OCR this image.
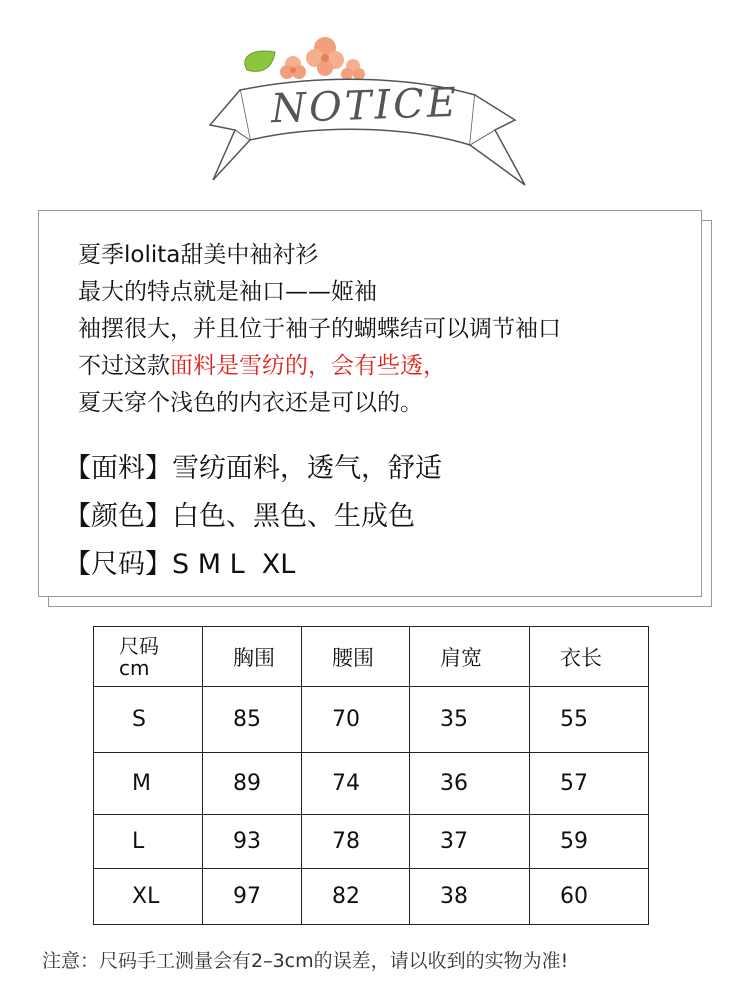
NOTICE
夏季lolita甜美中袖衬衫
最大的特点就是袖口——姬袖
袖摆很大，并且位于袖子的蝴蝶结可以调节袖口
不过这款面料是雪纺的，会有些透，
夏天穿个浅色的内衣还是可以的。
【面料】雪纺面料，透气，舒适
【颜色】白色、黑色、生成色
【尺码】S M L  XL
尺码
cm	胸围	腰围	肩宽	衣长
S	85	70	35	55
M	89	74	36	57
L	93	78	37	59
XL	97	82	38	60
注意：尺码手工测量会有2–3cm的误差，请以收到的实物为准!
